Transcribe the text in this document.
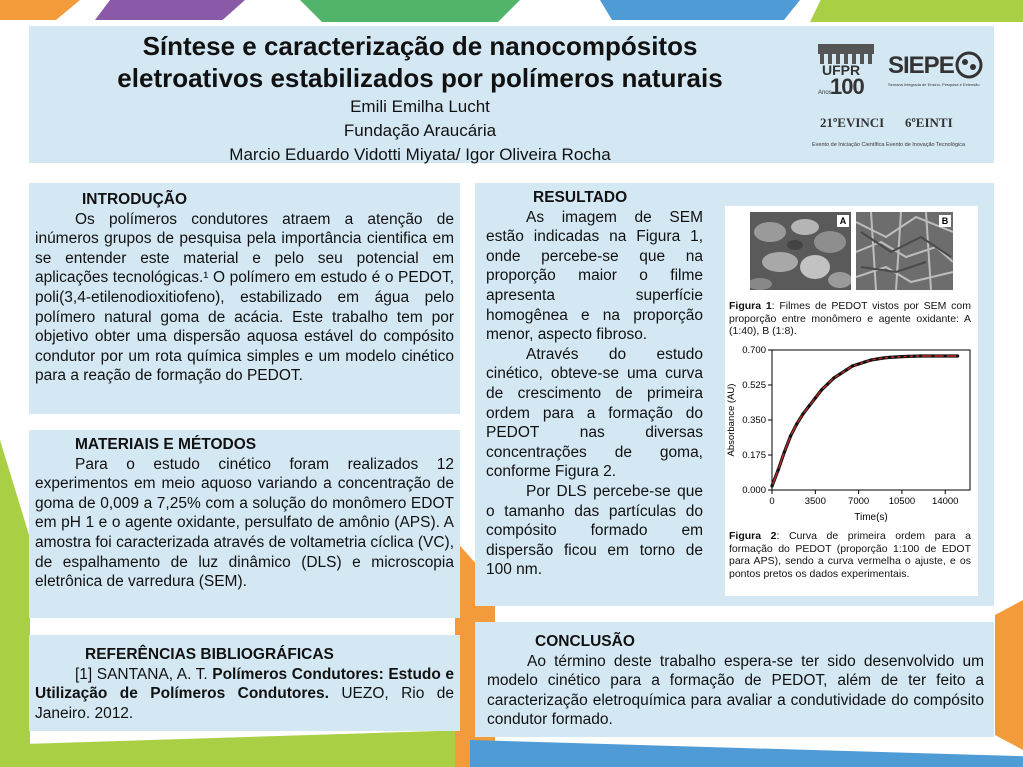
Síntese e caracterização de nanocompósitos
eletroativos estabilizados por polímeros naturais
Emili Emilha Lucht
Fundação Araucária
Marcio Eduardo Vidotti Miyata/ Igor Oliveira Rocha
UFPR
100
Anos
SIEPE
Semana Integrada de Ensino, Pesquisa e Extensão
21ºEVINCI 6ºEINTI
Evento de Iniciação Científica Evento de Inovação Tecnológica
INTRODUÇÃO

Os polímeros condutores atraem a atenção de inúmeros grupos de pesquisa pela importância cientifica em se entender este material e pelo seu potencial em aplicações tecnológicas.¹ O polímero em estudo é o PEDOT, poli(3,4-etilenodioxitiofeno), estabilizado em água pelo polímero natural goma de acácia. Este trabalho tem por objetivo obter uma dispersão aquosa estável do compósito condutor por um rota química simples e um modelo cinético para a reação de formação do PEDOT.

MATERIAIS E MÉTODOS

Para o estudo cinético foram realizados 12 experimentos em meio aquoso variando a concentração de goma de 0,009 a 7,25% com a solução do monômero EDOT em pH 1 e o agente oxidante, persulfato de amônio (APS). A amostra foi caracterizada através de voltametria cíclica (VC), de espalhamento de luz dinâmico (DLS) e microscopia eletrônica de varredura (SEM).

REFERÊNCIAS BIBLIOGRÁFICAS

[1] SANTANA, A. T. Polímeros Condutores: Estudo e Utilização de Polímeros Condutores. UEZO, Rio de Janeiro. 2012.

RESULTADO

As imagem de SEM estão indicadas na Figura 1, onde percebe-se que na proporção maior o filme apresenta superfície homogênea e na proporção menor, aspecto fibroso.

Através do estudo cinético, obteve-se uma curva de crescimento de primeira ordem para a formação do PEDOT nas diversas concentrações de goma, conforme Figura 2.

Por DLS percebe-se que o tamanho das partículas do compósito formado em dispersão ficou em torno de 100 nm.

A	B
Figura 1: Filmes de PEDOT vistos por SEM com proporção entre monômero e agente oxidante: A (1:40), B (1:8).
0.000
0.175
0.350
0.525
0.700
0	3500 7000 10500 14000
Time(s)
Absorbance (AU)
Figura 2: Curva de primeira ordem para a formação do PEDOT (proporção 1:100 de EDOT para APS), sendo a curva vermelha o ajuste, e os pontos pretos os dados experimentais.
CONCLUSÃO

Ao término deste trabalho espera-se ter sido desenvolvido um modelo cinético para a formação de PEDOT, além de ter feito a caracterização eletroquímica para avaliar a condutividade do compósito condutor formado.
